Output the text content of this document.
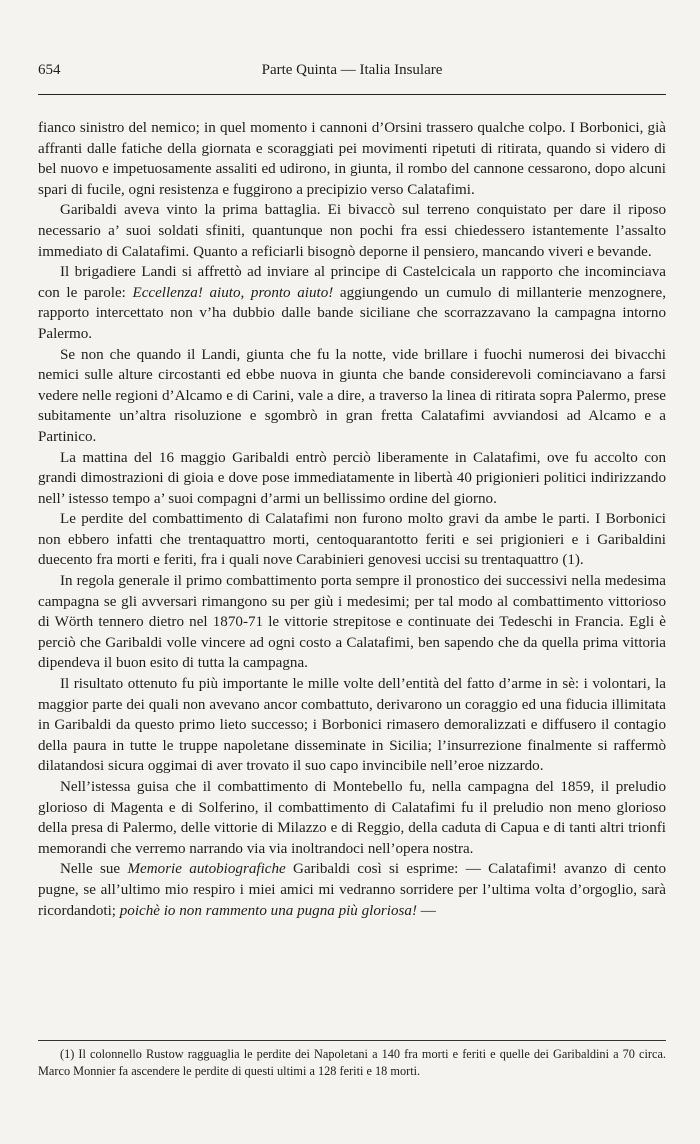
654	Parte Quinta — Italia Insulare

fianco sinistro del nemico; in quel momento i cannoni d’Orsini trassero qualche colpo. I Borbonici, già affranti dalle fatiche della giornata e scoraggiati pei movimenti ripetuti di ritirata, quando si videro di bel nuovo e impetuosamente assaliti ed udirono, in giunta, il rombo del cannone cessarono, dopo alcuni spari di fucile, ogni resistenza e fuggirono a precipizio verso Calatafimi.

Garibaldi aveva vinto la prima battaglia. Ei bivaccò sul terreno conquistato per dare il riposo necessario a’ suoi soldati sfiniti, quantunque non pochi fra essi chiedessero istantemente l’assalto immediato di Calatafimi. Quanto a reficiarli bisognò deporne il pensiero, mancando viveri e bevande.

Il brigadiere Landi si affrettò ad inviare al principe di Castelcicala un rapporto che incominciava con le parole: Eccellenza! aiuto, pronto aiuto! aggiungendo un cumulo di millanterie menzognere, rapporto intercettato non v’ha dubbio dalle bande siciliane che scorrazzavano la campagna intorno Palermo.

Se non che quando il Landi, giunta che fu la notte, vide brillare i fuochi numerosi dei bivacchi nemici sulle alture circostanti ed ebbe nuova in giunta che bande considerevoli cominciavano a farsi vedere nelle regioni d’Alcamo e di Carini, vale a dire, a traverso la linea di ritirata sopra Palermo, prese subitamente un’altra risoluzione e sgombrò in gran fretta Calatafimi avviandosi ad Alcamo e a Partinico.

La mattina del 16 maggio Garibaldi entrò perciò liberamente in Calatafimi, ove fu accolto con grandi dimostrazioni di gioia e dove pose immediatamente in libertà 40 prigionieri politici indirizzando nell’ istesso tempo a’ suoi compagni d’armi un bellissimo ordine del giorno.

Le perdite del combattimento di Calatafimi non furono molto gravi da ambe le parti. I Borbonici non ebbero infatti che trentaquattro morti, centoquarantotto feriti e sei prigionieri e i Garibaldini duecento fra morti e feriti, fra i quali nove Carabinieri genovesi uccisi su trentaquattro (1).

In regola generale il primo combattimento porta sempre il pronostico dei successivi nella medesima campagna se gli avversari rimangono su per giù i medesimi; per tal modo al combattimento vittorioso di Wörth tennero dietro nel 1870-71 le vittorie strepitose e continuate dei Tedeschi in Francia. Egli è perciò che Garibaldi volle vincere ad ogni costo a Calatafimi, ben sapendo che da quella prima vittoria dipendeva il buon esito di tutta la campagna.

Il risultato ottenuto fu più importante le mille volte dell’entità del fatto d’arme in sè: i volontari, la maggior parte dei quali non avevano ancor combattuto, derivarono un coraggio ed una fiducia illimitata in Garibaldi da questo primo lieto successo; i Borbonici rimasero demoralizzati e diffusero il contagio della paura in tutte le truppe napoletane disseminate in Sicilia; l’insurrezione finalmente si raffermò dilatandosi sicura oggimai di aver trovato il suo capo invincibile nell’eroe nizzardo.

Nell’istessa guisa che il combattimento di Montebello fu, nella campagna del 1859, il preludio glorioso di Magenta e di Solferino, il combattimento di Calatafimi fu il preludio non meno glorioso della presa di Palermo, delle vittorie di Milazzo e di Reggio, della caduta di Capua e di tanti altri trionfi memorandi che verremo narrando via via inoltrandoci nell’opera nostra.

Nelle sue Memorie autobiografiche Garibaldi così si esprime: — Calatafimi! avanzo di cento pugne, se all’ultimo mio respiro i miei amici mi vedranno sorridere per l’ultima volta d’orgoglio, sarà ricordandoti; poichè io non rammento una pugna più gloriosa! —

(1) Il colonnello Rustow ragguaglia le perdite dei Napoletani a 140 fra morti e feriti e quelle dei Garibaldini a 70 circa. Marco Monnier fa ascendere le perdite di questi ultimi a 128 feriti e 18 morti.
